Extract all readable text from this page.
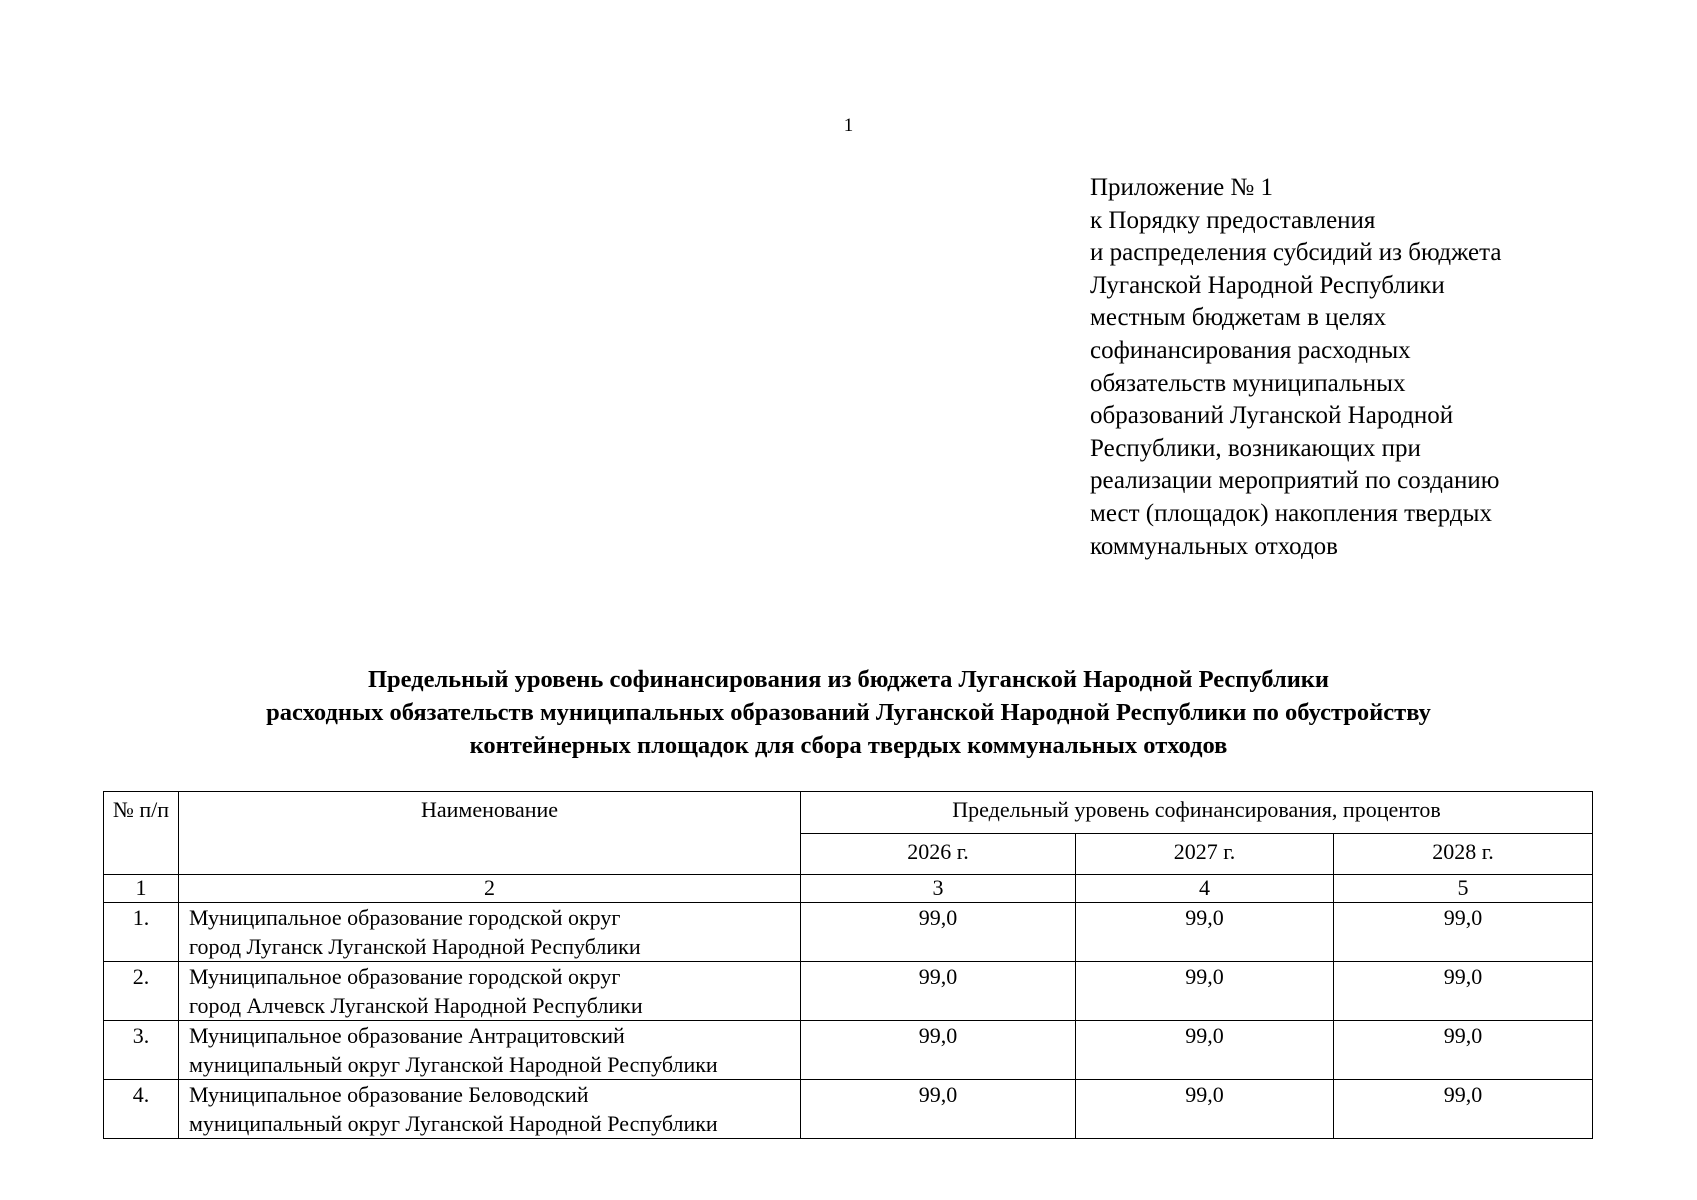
1
Приложение № 1
к Порядку предоставления
и распределения субсидий из бюджета
Луганской Народной Республики
местным бюджетам в целях
софинансирования расходных
обязательств муниципальных
образований Луганской Народной
Республики, возникающих при
реализации мероприятий по созданию
мест (площадок) накопления твердых
коммунальных отходов
Предельный уровень софинансирования из бюджета Луганской Народной Республики
расходных обязательств муниципальных образований Луганской Народной Республики по обустройству
контейнерных площадок для сбора твердых коммунальных отходов
№ п/п	Наименование	Предельный уровень софинансирования, процентов		
		2026 г.	2027 г.	2028 г.
1	2	3	4	5
1.	Муниципальное образование городской округ
город Луганск Луганской Народной Республики	99,0	99,0	99,0
2.	Муниципальное образование городской округ
город Алчевск Луганской Народной Республики	99,0	99,0	99,0
3.	Муниципальное образование Антрацитовский
муниципальный округ Луганской Народной Республики	99,0	99,0	99,0
4.	Муниципальное образование Беловодский
муниципальный округ Луганской Народной Республики	99,0	99,0	99,0
